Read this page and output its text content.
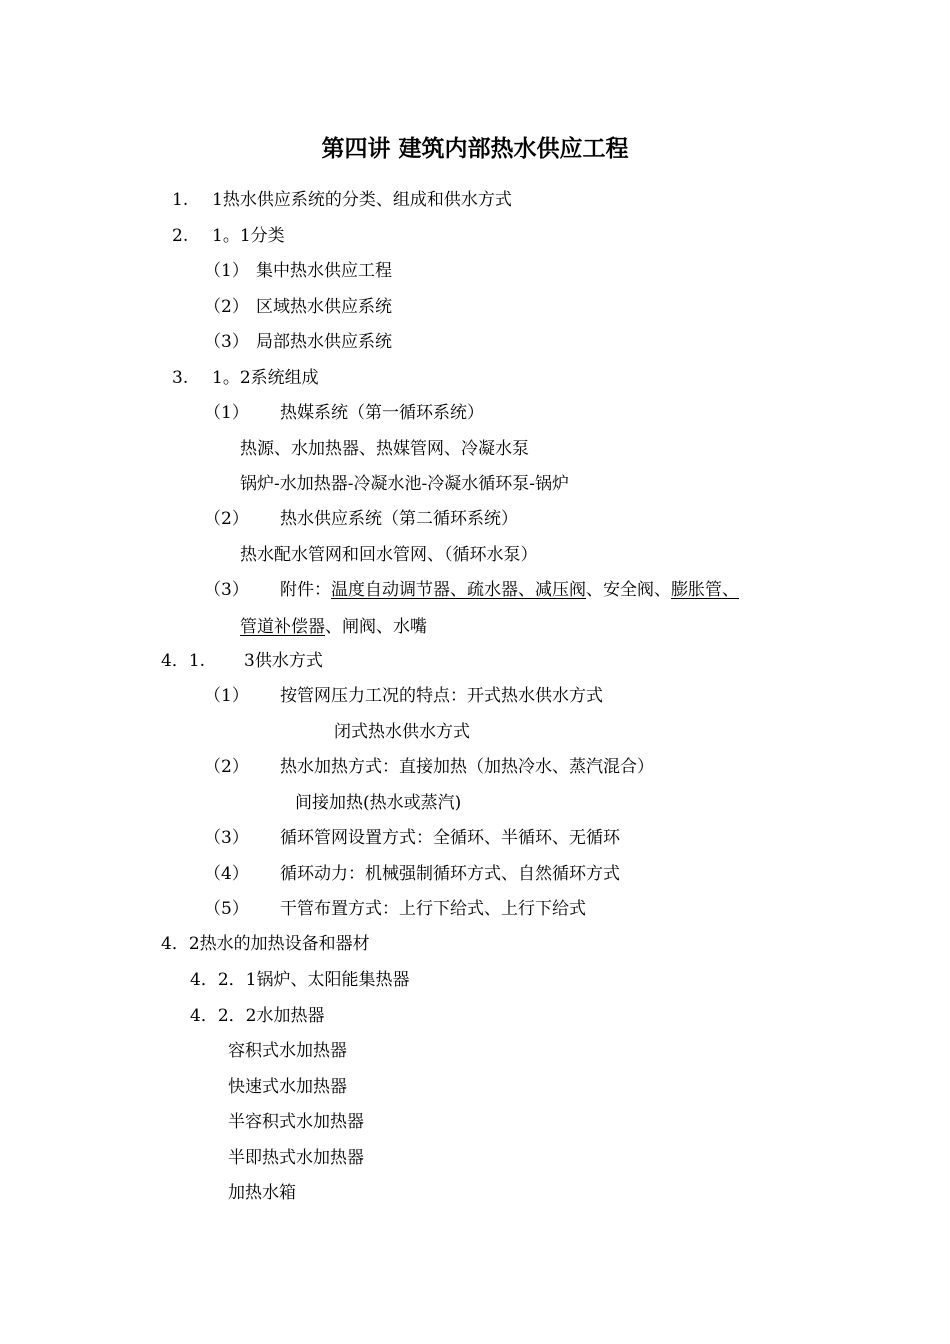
第四讲 建筑内部热水供应工程
1. 1热水供应系统的分类、组成和供水方式
2. 1。1分类
（1） 集中热水供应工程
（2） 区域热水供应系统
（3） 局部热水供应系统
3. 1。2系统组成
（1） 热媒系统（第一循环系统）
热源、水加热器、热媒管网、冷凝水泵
锅炉-水加热器-冷凝水池-冷凝水循环泵-锅炉
（2） 热水供应系统（第二循环系统）
热水配水管网和回水管网、（循环水泵）
（3） 附件：温度自动调节器、疏水器、减压阀、安全阀、膨胀管、
管道补偿器、闸阀、水嘴
4．1. 3供水方式
（1） 按管网压力工况的特点：开式热水供水方式
闭式热水供水方式
（2） 热水加热方式：直接加热（加热冷水、蒸汽混合）
间接加热(热水或蒸汽)
（3） 循环管网设置方式：全循环、半循环、无循环
（4） 循环动力：机械强制循环方式、自然循环方式
（5） 干管布置方式：上行下给式、上行下给式
4．2热水的加热设备和器材
4．2．1锅炉、太阳能集热器
4．2．2水加热器
容积式水加热器
快速式水加热器
半容积式水加热器
半即热式水加热器
加热水箱
